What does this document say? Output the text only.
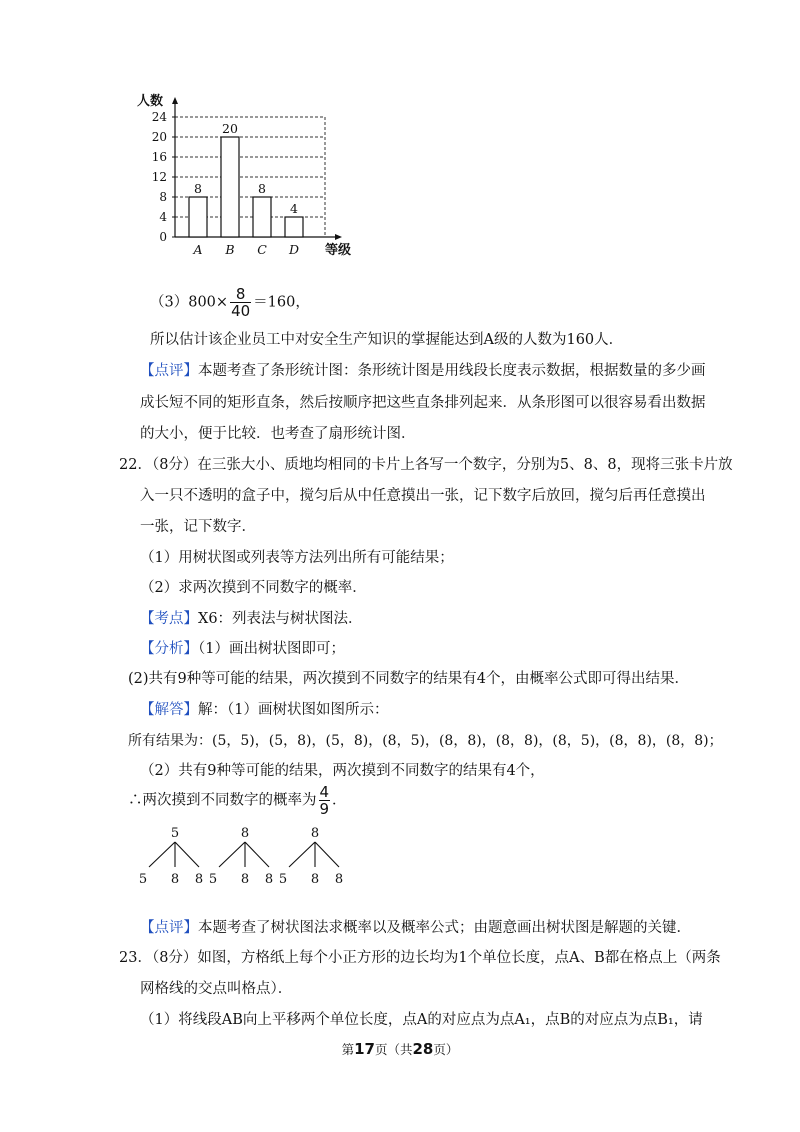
0
4
8
12
16
20
24
人数
等级
8
A
20
B
8
C
4
D
$(3)800\times \frac{8}{40} =160$，
所以估计该企业员工中对安全生产知识的掌握能达到A级的人数为160人．
【点评】本题考查了条形统计图：条形统计图是用线段长度表示数据，根据数量的多少画
成长短不同的矩形直条，然后按顺序把这些直条排列起来．从条形图可以很容易看出数据
的大小，便于比较．也考查了扇形统计图．
22．（8分）在三张大小、质地均相同的卡片上各写一个数字，分别为5、8、8，现将三张卡片放
入一只不透明的盒子中，搅匀后从中任意摸出一张，记下数字后放回，搅匀后再任意摸出
一张，记下数字．
（1）用树状图或列表等方法列出所有可能结果；
（2）求两次摸到不同数字的概率．
【考点】X6：列表法与树状图法．
【分析】（1）画出树状图即可；
(2)共有9种等可能的结果，两次摸到不同数字的结果有4个，由概率公式即可得出结果．
【解答】解：（1）画树状图如图所示：
所有结果为：(5，5)，(5，8)，(5，8)，(8，5)，(8，8)，(8，8)，(8，5)，(8，8)，(8，8)；
（2）共有9种等可能的结果，两次摸到不同数字的结果有4个，
∴两次摸到不同数字的概率为 $\frac{4}{9}$ ．
5
5 8 8
8
5 8 8
8
5 8 8
【点评】本题考查了树状图法求概率以及概率公式；由题意画出树状图是解题的关键．
23．（8分）如图，方格纸上每个小正方形的边长均为1个单位长度，点A、B都在格点上（两条
网格线的交点叫格点）．
（1）将线段AB向上平移两个单位长度，点A的对应点为点A₁，点B的对应点为点B₁，请
第17页（共28页）
